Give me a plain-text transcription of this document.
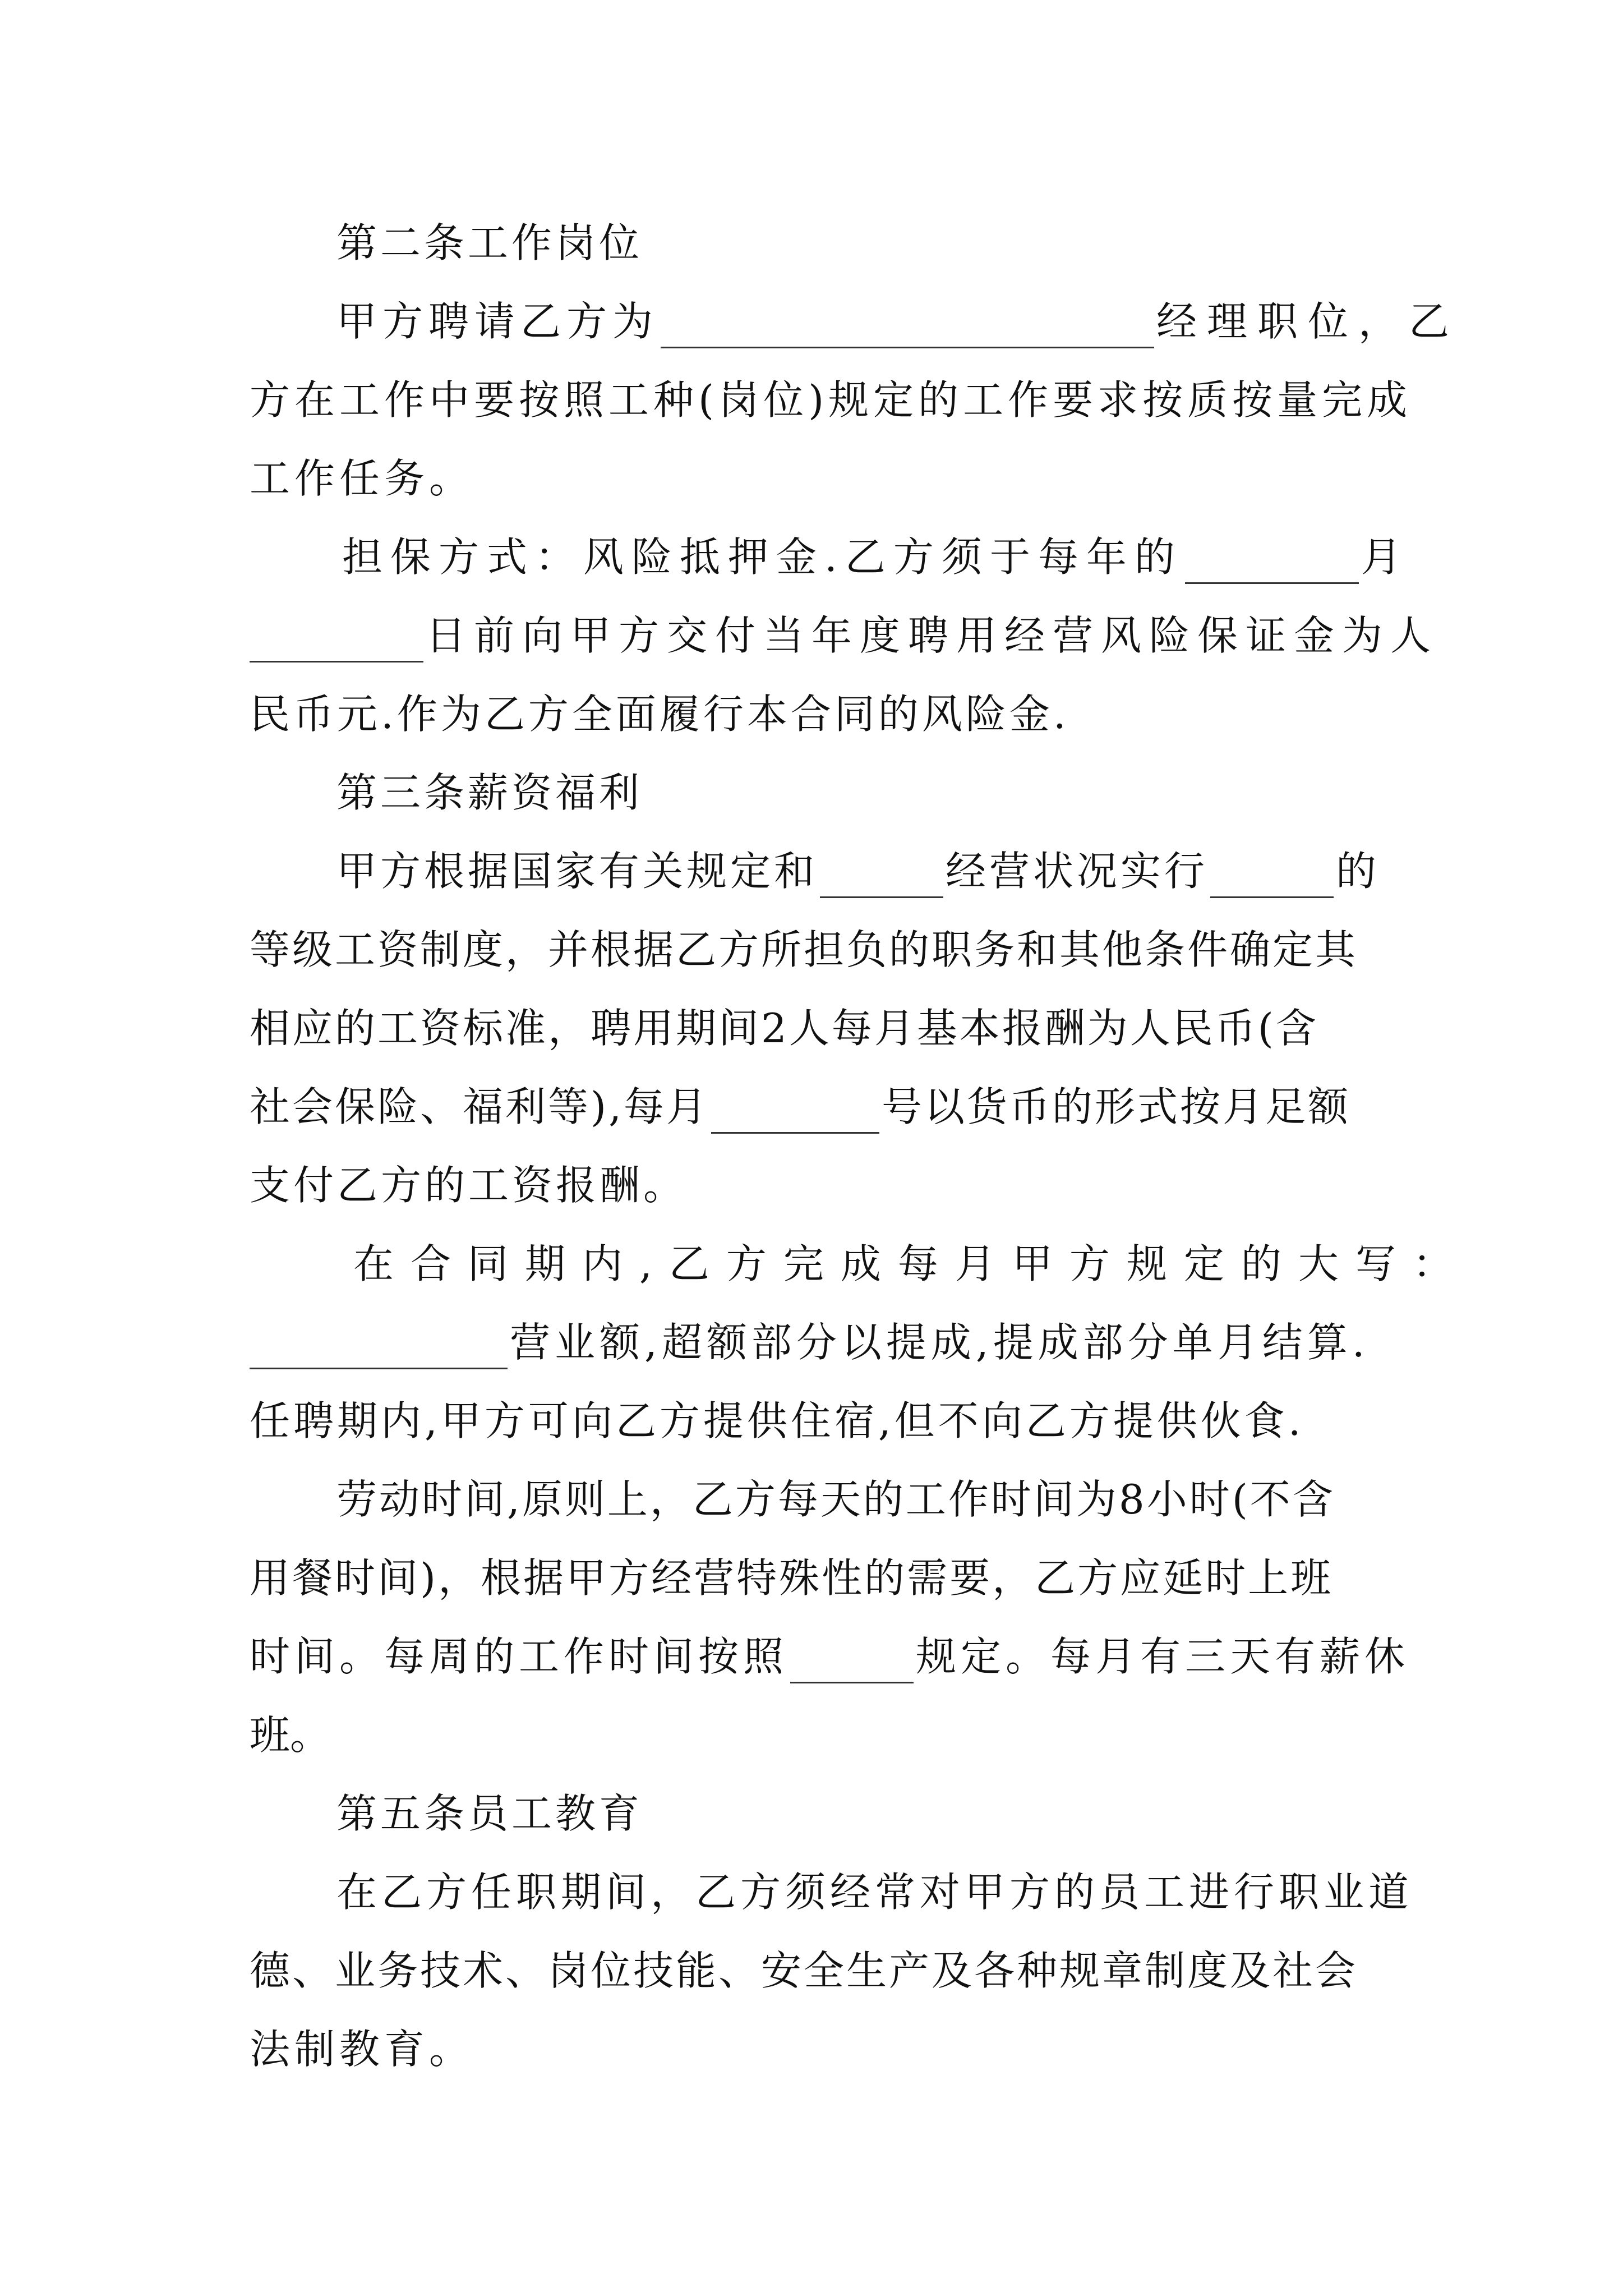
第二条工作岗位
甲方聘请乙方为	经理职位，乙
方在工作中要按照工种(岗位)规定的工作要求按质按量完成
工作任务。
担保方式：风险抵押金.乙方须于每年的	月
日前向甲方交付当年度聘用经营风险保证金为人
民币元.作为乙方全面履行本合同的风险金.
第三条薪资福利
甲方根据国家有关规定和	经营状况实行	的
等级工资制度，并根据乙方所担负的职务和其他条件确定其
相应的工资标准，聘用期间2人每月基本报酬为人民币(含
社会保险、福利等),每月	号以货币的形式按月足额
支付乙方的工资报酬。
在合同期内,乙方完成每月甲方规定的大写：
营业额,超额部分以提成,提成部分单月结算.
任聘期内,甲方可向乙方提供住宿,但不向乙方提供伙食.
劳动时间,原则上，乙方每天的工作时间为8小时(不含
用餐时间)，根据甲方经营特殊性的需要，乙方应延时上班
时间。每周的工作时间按照	规定。每月有三天有薪休
班。
第五条员工教育
在乙方任职期间，乙方须经常对甲方的员工进行职业道
德、业务技术、岗位技能、安全生产及各种规章制度及社会
法制教育。
